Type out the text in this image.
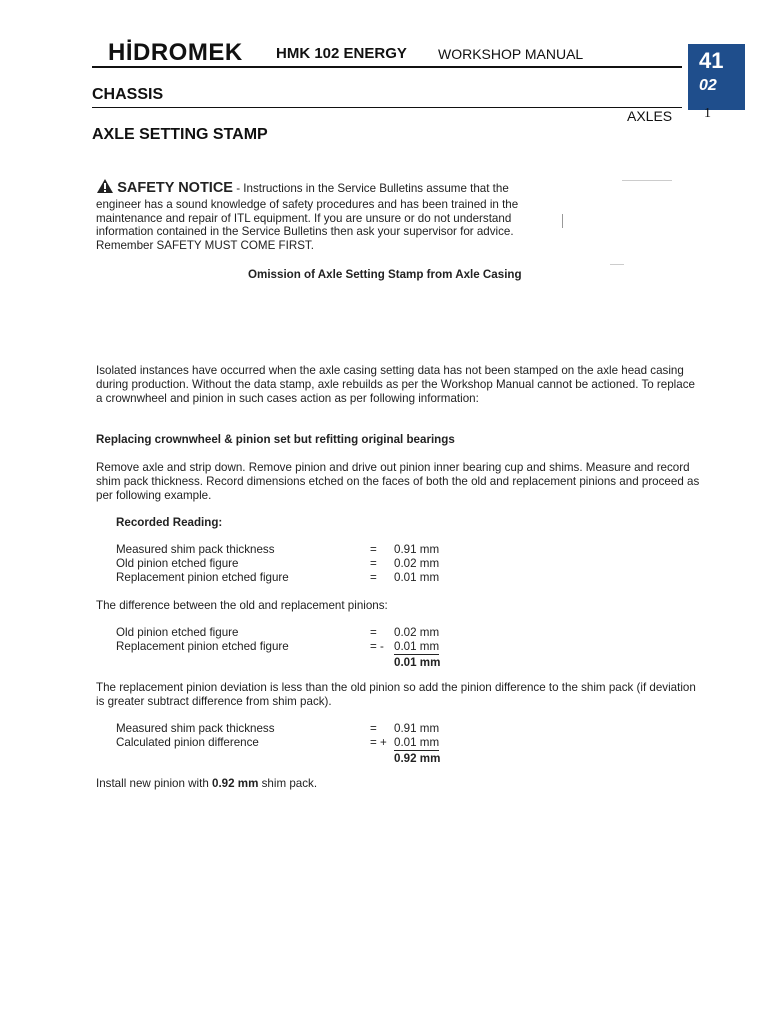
HİDROMEK HMK 102 ENERGY WORKSHOP MANUAL	41
02
1
CHASSIS
AXLES
AXLE SETTING STAMP

SAFETY NOTICE - Instructions in the Service Bulletins assume that the

engineer has a sound knowledge of safety procedures and has been trained in the

maintenance and repair of ITL equipment. If you are unsure or do not understand

information contained in the Service Bulletins then ask your supervisor for advice.

Remember SAFETY MUST COME FIRST.

Omission of Axle Setting Stamp from Axle Casing

Isolated instances have occurred when the axle casing setting data has not been stamped on the axle head casing

during production. Without the data stamp, axle rebuilds as per the Workshop Manual cannot be actioned. To replace

a crownwheel and pinion in such cases action as per following information:

Replacing crownwheel & pinion set but refitting original bearings

Remove axle and strip down. Remove pinion and drive out pinion inner bearing cup and shims. Measure and record

shim pack thickness. Record dimensions etched on the faces of both the old and replacement pinions and proceed as

per following example.

Recorded Reading:
Measured shim pack thickness	= 0.91 mm
Old pinion etched figure	= 0.02 mm
Replacement pinion etched figure	= 0.01 mm
The difference between the old and replacement pinions:
Old pinion etched figure	= 0.02 mm
Replacement pinion etched figure	= - 0.01 mm
0.01 mm

The replacement pinion deviation is less than the old pinion so add the pinion difference to the shim pack (if deviation

is greater subtract difference from shim pack).

Measured shim pack thickness	= 0.91 mm
Calculated pinion difference	= + 0.01 mm
0.92 mm
Install new pinion with 0.92 mm shim pack.
